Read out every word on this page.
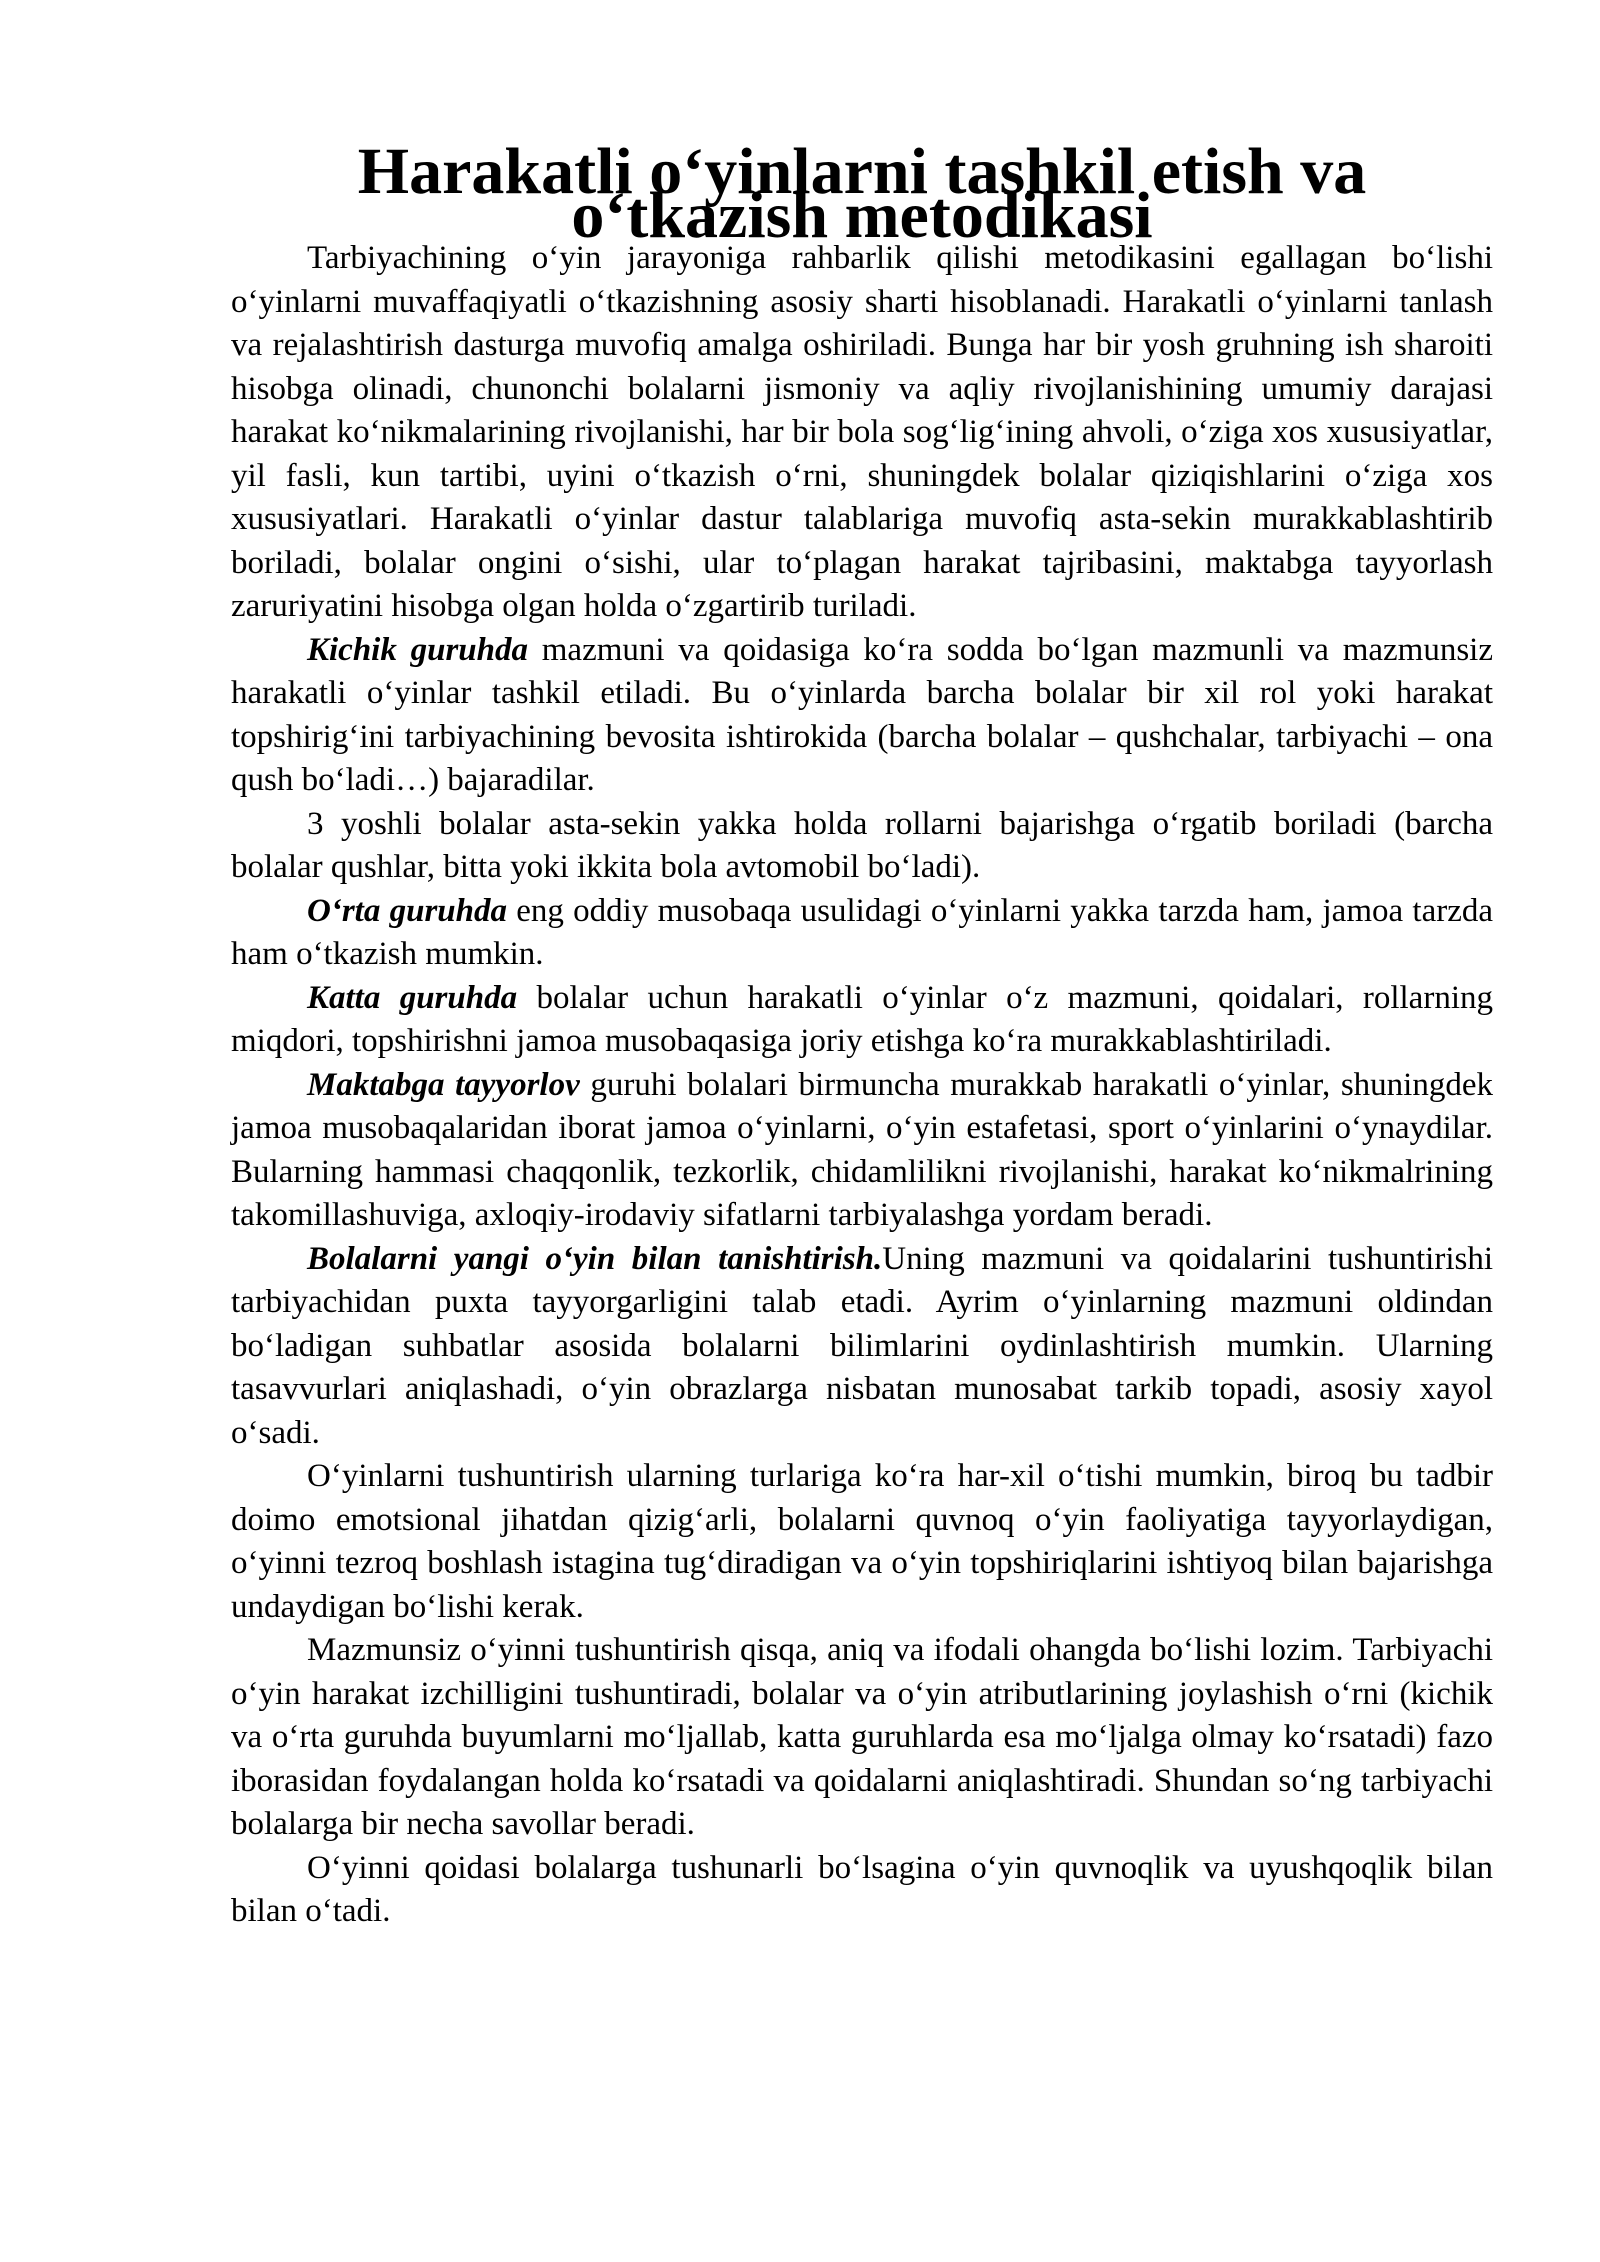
Harakatli o‘yinlarni tashkil etish va o‘tkazish metodikasi

Tarbiyachining o‘yin jarayoniga rahbarlik qilishi metodikasini egallagan bo‘lishi o‘yinlarni muvaffaqiyatli o‘tkazishning asosiy sharti hisoblanadi. Harakatli o‘yinlarni tanlash va rejalashtirish dasturga muvofiq amalga oshiriladi. Bunga har bir yosh gruhning ish sharoiti hisobga olinadi, chunonchi bolalarni jismoniy va aqliy rivojlanishining umumiy darajasi harakat ko‘nikmalarining rivojlanishi, har bir bola sog‘lig‘ining ahvoli, o‘ziga xos xususiyatlar, yil fasli, kun tartibi, uyini o‘tkazish o‘rni, shuningdek bolalar qiziqishlarini o‘ziga xos xususiyatlari. Harakatli o‘yinlar dastur talablariga muvofiq asta-sekin murakkablashtirib boriladi, bolalar ongini o‘sishi, ular to‘plagan harakat tajribasini, maktabga tayyorlash zaruriyatini hisobga olgan holda o‘zgartirib turiladi.

Kichik guruhda mazmuni va qoidasiga ko‘ra sodda bo‘lgan mazmunli va mazmunsiz harakatli o‘yinlar tashkil etiladi. Bu o‘yinlarda barcha bolalar bir xil rol yoki harakat topshirig‘ini tarbiyachining bevosita ishtirokida (barcha bolalar – qushchalar, tarbiyachi – ona qush bo‘ladi…) bajaradilar.

3 yoshli bolalar asta-sekin yakka holda rollarni bajarishga o‘rgatib boriladi (barcha bolalar qushlar, bitta yoki ikkita bola avtomobil bo‘ladi).

O‘rta guruhda eng oddiy musobaqa usulidagi o‘yinlarni yakka tarzda ham, jamoa tarzda ham o‘tkazish mumkin.

Katta guruhda bolalar uchun harakatli o‘yinlar o‘z mazmuni, qoidalari, rollarning miqdori, topshirishni jamoa musobaqasiga joriy etishga ko‘ra murakkablashtiriladi.

Maktabga tayyorlov guruhi bolalari birmuncha murakkab harakatli o‘yinlar, shuningdek jamoa musobaqalaridan iborat jamoa o‘yinlarni, o‘yin estafetasi, sport o‘yinlarini o‘ynaydilar. Bularning hammasi chaqqonlik, tezkorlik, chidamlilikni rivojlanishi, harakat ko‘nikmalrining takomillashuviga, axloqiy-irodaviy sifatlarni tarbiyalashga yordam beradi.

Bolalarni yangi o‘yin bilan tanishtirish.Uning mazmuni va qoidalarini tushuntirishi tarbiyachidan puxta tayyorgarligini talab etadi. Ayrim o‘yinlarning mazmuni oldindan bo‘ladigan suhbatlar asosida bolalarni bilimlarini oydinlashtirish mumkin. Ularning tasavvurlari aniqlashadi, o‘yin obrazlarga nisbatan munosabat tarkib topadi, asosiy xayol o‘sadi.

O‘yinlarni tushuntirish ularning turlariga ko‘ra har-xil o‘tishi mumkin, biroq bu tadbir doimo emotsional jihatdan qizig‘arli, bolalarni quvnoq o‘yin faoliyatiga tayyorlaydigan, o‘yinni tezroq boshlash istagina tug‘diradigan va o‘yin topshiriqlarini ishtiyoq bilan bajarishga undaydigan bo‘lishi kerak.

Mazmunsiz o‘yinni tushuntirish qisqa, aniq va ifodali ohangda bo‘lishi lozim. Tarbiyachi o‘yin harakat izchilligini tushuntiradi, bolalar va o‘yin atributlarining joylashish o‘rni (kichik va o‘rta guruhda buyumlarni mo‘ljallab, katta guruhlarda esa mo‘ljalga olmay ko‘rsatadi) fazo iborasidan foydalangan holda ko‘rsatadi va qoidalarni aniqlashtiradi. Shundan so‘ng tarbiyachi bolalarga bir necha savollar beradi.

O‘yinni qoidasi bolalarga tushunarli bo‘lsagina o‘yin quvnoqlik va uyushqoqlik bilan bilan o‘tadi.
